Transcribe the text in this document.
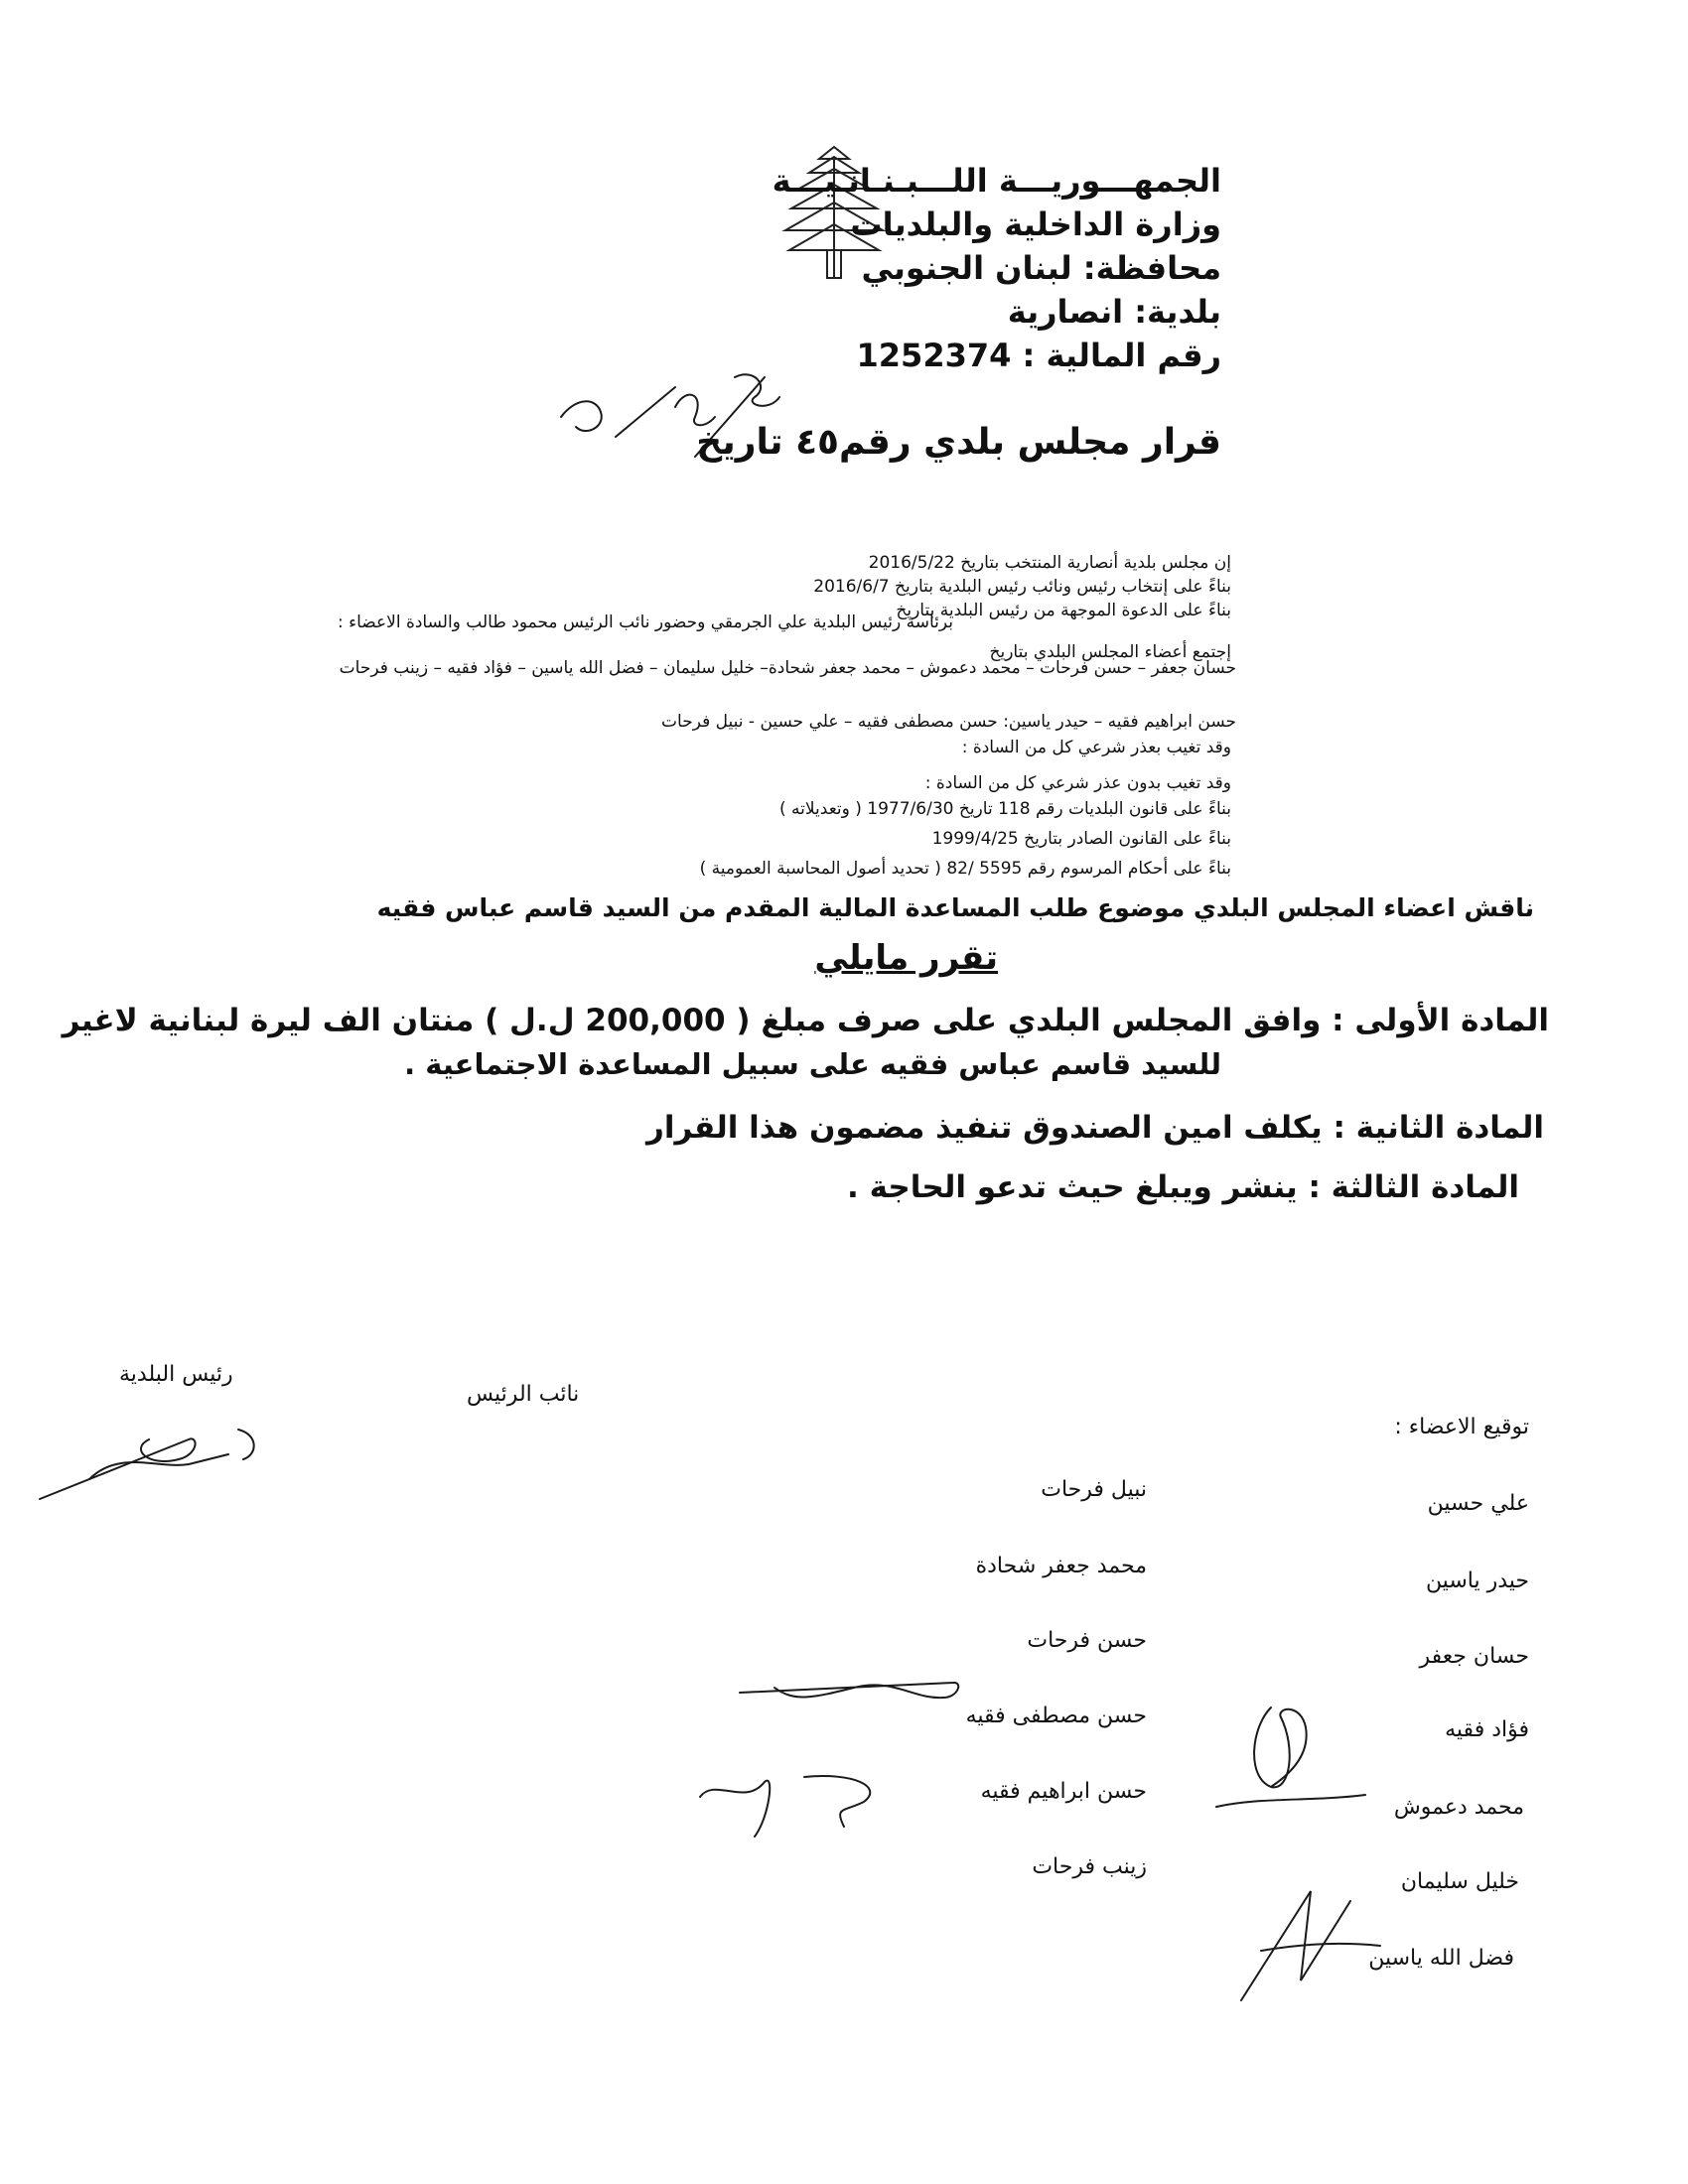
الجمهـــوريـــة اللـــبـنـانـيـــة
وزارة الداخلية والبلديات
محافظة: لبنان الجنوبي
بلدية: انصارية
رقم المالية : 1252374
قرار مجلس بلدي رقم٤٥ تاريخ
إن مجلس بلدية أنصارية المنتخب بتاريخ 2016/5/22
بناءً على إنتخاب رئيس ونائب رئيس البلدية بتاريخ 2016/6/7
بناءً على الدعوة الموجهة من رئيس البلدية بتاريخ
برئاسة رئيس البلدية علي الجرمقي وحضور نائب الرئيس محمود طالب والسادة الاعضاء :
إجتمع أعضاء المجلس البلدي بتاريخ
حسان جعفر – حسن فرحات – محمد دعموش – محمد جعفر شحادة– خليل سليمان – فضل الله ياسين – فؤاد فقيه – زينب فرحات
حسن ابراهيم فقيه – حيدر ياسين: حسن مصطفى فقيه – علي حسين - نبيل فرحات
وقد تغيب بعذر شرعي كل من السادة :
وقد تغيب بدون عذر شرعي كل من السادة :
بناءً على قانون البلديات رقم 118 تاريخ 1977/6/30 ( وتعديلاته )
بناءً على القانون الصادر بتاريخ 1999/4/25
بناءً على أحكام المرسوم رقم 5595 /82 ( تحديد أصول المحاسبة العمومية )
ناقش اعضاء المجلس البلدي موضوع طلب المساعدة المالية المقدم من السيد قاسم عباس فقيه
تقرر مايلي
المادة الأولى : وافق المجلس البلدي على صرف مبلغ ( 200,000 ل.ل ) منتان الف ليرة لبنانية لاغير
للسيد قاسم عباس فقيه على سبيل المساعدة الاجتماعية .
المادة الثانية : يكلف امين الصندوق تنفيذ مضمون هذا القرار
المادة الثالثة : ينشر ويبلغ حيث تدعو الحاجة .
رئيس البلدية
نائب الرئيس
توقيع الاعضاء :
علي حسين
حيدر ياسين
حسان جعفر
فؤاد فقيه
محمد دعموش
خليل سليمان
فضل الله ياسين
نبيل فرحات
محمد جعفر شحادة
حسن فرحات
حسن مصطفى فقيه
حسن ابراهيم فقيه
زينب فرحات
